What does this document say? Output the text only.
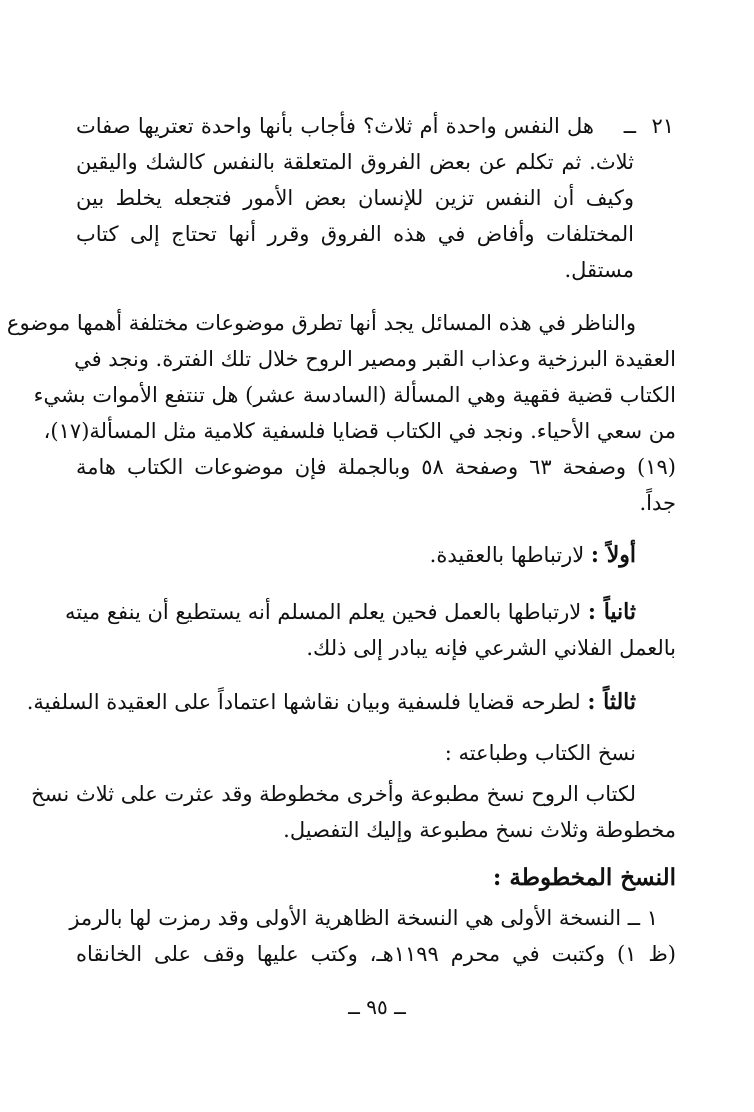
٢١
ــ
هل النفس واحدة أم ثلاث؟ فأجاب بأنها واحدة تعتريها صفات
ثلاث. ثم تكلم عن بعض الفروق المتعلقة بالنفس كالشك واليقين
وكيف أن النفس تزين للإنسان بعض الأمور فتجعله يخلط بين
المختلفات وأفاض في هذه الفروق وقرر أنها تحتاج إلى كتاب
مستقل.
والناظر في هذه المسائل يجد أنها تطرق موضوعات مختلفة أهمها موضوع
العقيدة البرزخية وعذاب القبر ومصير الروح خلال تلك الفترة. ونجد في
الكتاب قضية فقهية وهي المسألة (السادسة عشر) هل تنتفع الأموات بشيء
من سعي الأحياء. ونجد في الكتاب قضايا فلسفية كلامية مثل المسألة(١٧)،
(١٩) وصفحة ٦٣ وصفحة ٥٨ وبالجملة فإن موضوعات الكتاب هامة
جداً.
أولاً : لارتباطها بالعقيدة.
ثانياً : لارتباطها بالعمل فحين يعلم المسلم أنه يستطيع أن ينفع ميته
بالعمل الفلاني الشرعي فإنه يبادر إلى ذلك.
ثالثاً : لطرحه قضايا فلسفية وبيان نقاشها اعتماداً على العقيدة السلفية.
نسخ الكتاب وطباعته :
لكتاب الروح نسخ مطبوعة وأخرى مخطوطة وقد عثرت على ثلاث نسخ
مخطوطة وثلاث نسخ مطبوعة وإليك التفصيل.
النسخ المخطوطة :
١ ــ النسخة الأولى هي النسخة الظاهرية الأولى وقد رمزت لها بالرمز
(ظ ١) وكتبت في محرم ١١٩٩هـ، وكتب عليها وقف على الخانقاه
ــ ٩٥ ــ
